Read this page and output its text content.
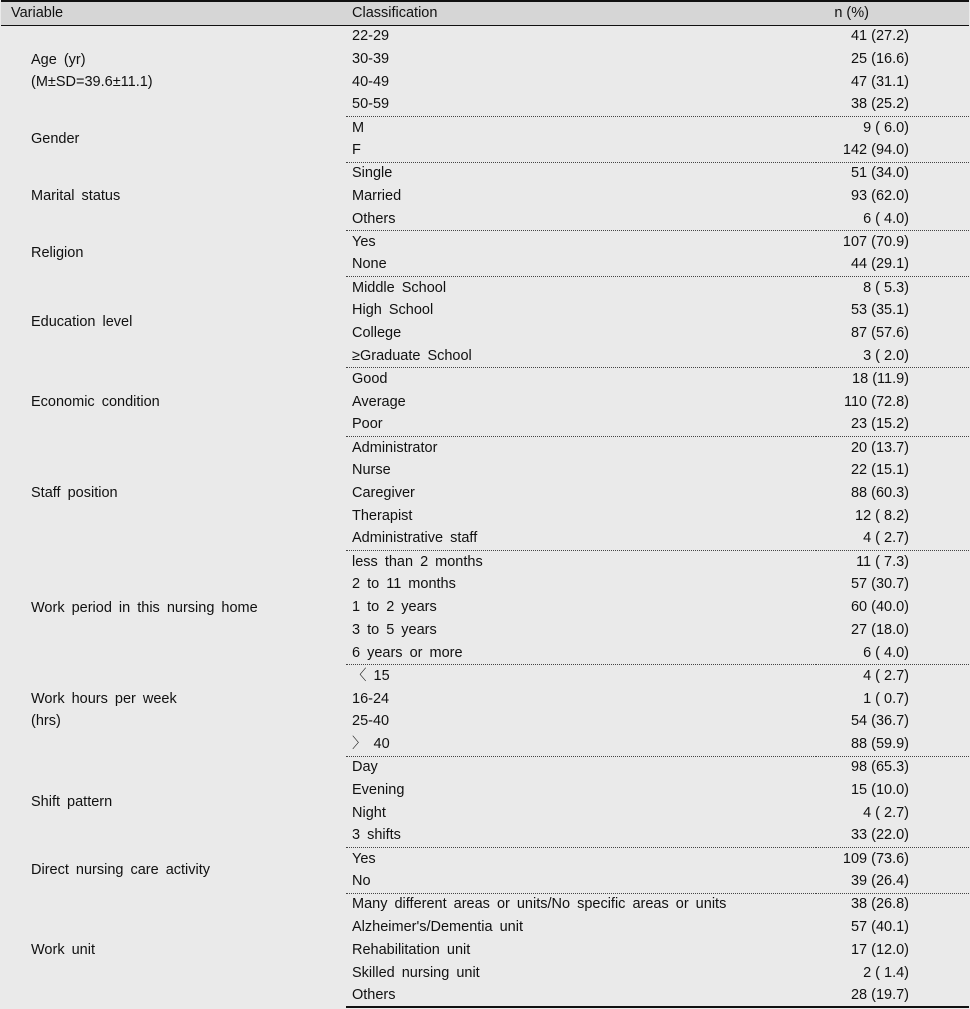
Variable	Classification	n (%)

Age (yr)
(M±SD=39.6±11.1)	22-29	41 (27.2)
	30-39	25 (16.6)
	40-49	47 (31.1)
	50-59	38 (25.2)

Gender	M	9 ( 6.0)
	F	142 (94.0)

Marital status	Single	51 (34.0)
	Married	93 (62.0)
	Others	6 ( 4.0)

Religion	Yes	107 (70.9)
	None	44 (29.1)

Education level	Middle School	8 ( 5.3)
	High School	53 (35.1)
	College	87 (57.6)
	≥Graduate School	3 ( 2.0)

Economic condition	Good	18 (11.9)
	Average	110 (72.8)
	Poor	23 (15.2)

Staff position	Administrator	20 (13.7)
	Nurse	22 (15.1)
	Caregiver	88 (60.3)
	Therapist	12 ( 8.2)
	Administrative staff	4 ( 2.7)

Work period in this nursing home	less than 2 months	11 ( 7.3)
	2 to 11 months	57 (30.7)
	1 to 2 years	60 (40.0)
	3 to 5 years	27 (18.0)
	6 years or more	6 ( 4.0)

Work hours per week
(hrs)	〈 15	4 ( 2.7)
	16-24	1 ( 0.7)
	25-40	54 (36.7)
	〉 40	88 (59.9)

Shift pattern	Day	98 (65.3)
	Evening	15 (10.0)
	Night	4 ( 2.7)
	3 shifts	33 (22.0)

Direct nursing care activity	Yes	109 (73.6)
	No	39 (26.4)

Work unit	Many different areas or units/No specific areas or units	38 (26.8)
	Alzheimer's/Dementia unit	57 (40.1)
	Rehabilitation unit	17 (12.0)
	Skilled nursing unit	2 ( 1.4)
	Others	28 (19.7)
